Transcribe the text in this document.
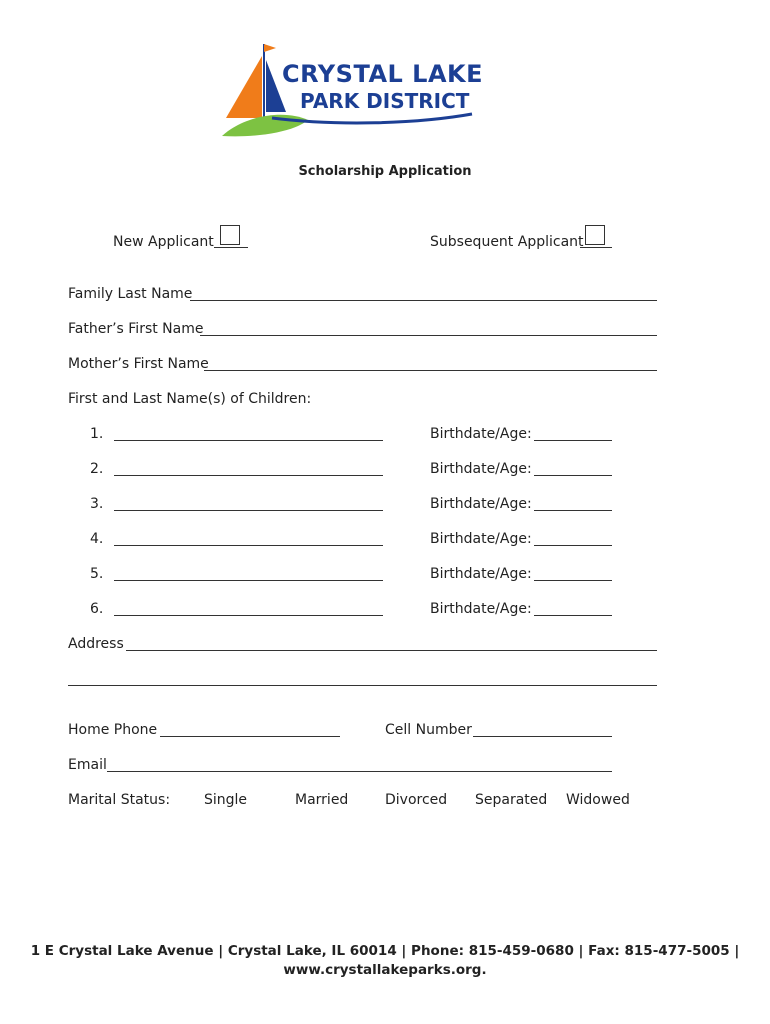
CRYSTAL LAKE
PARK DISTRICT
Scholarship Application
New Applicant	Subsequent Applicant
Family Last Name
Father’s First Name
Mother’s First Name
First and Last Name(s) of Children:
1.	Birthdate/Age:
2.	Birthdate/Age:
3.	Birthdate/Age:
4.	Birthdate/Age:
5.	Birthdate/Age:
6.	Birthdate/Age:
Address
Home Phone	Cell Number
Email
Marital Status: Single	Married	Divorced Separated Widowed
1 E Crystal Lake Avenue | Crystal Lake, IL 60014 | Phone: 815-459-0680 | Fax: 815-477-5005 |
www.crystallakeparks.org.
